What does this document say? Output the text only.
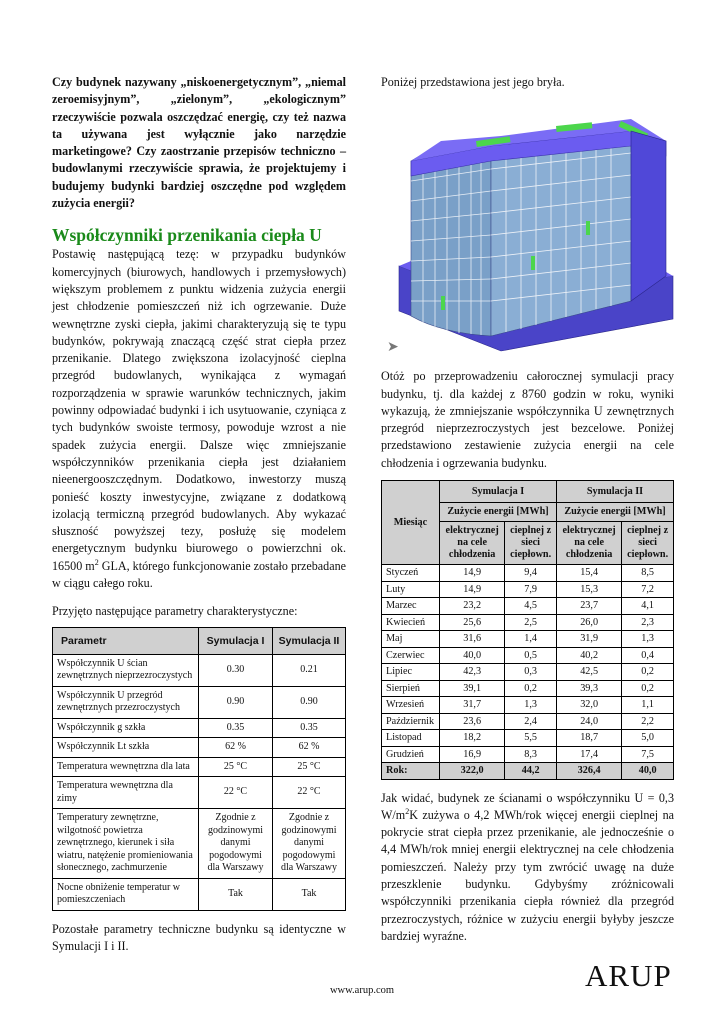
Czy budynek nazywany „niskoenergetycznym”, „niemal zeroemisyjnym”, „zielonym”, „ekologicznym” rzeczywiście pozwala oszczędzać energię, czy też nazwa ta używana jest wyłącznie jako narzędzie marketingowe? Czy zaostrzanie przepisów techniczno – budowlanymi rzeczywiście sprawia, że projektujemy i budujemy budynki bardziej oszczędne pod względem zużycia energii?

Współczynniki przenikania ciepła U

Postawię następującą tezę: w przypadku budynków komercyjnych (biurowych, handlowych i przemysłowych) większym problemem z punktu widzenia zużycia energii jest chłodzenie pomieszczeń niż ich ogrzewanie. Duże wewnętrzne zyski ciepła, jakimi charakteryzują się te typu budynków, pokrywają znaczącą część strat ciepła przez przenikanie. Dlatego zwiększona izolacyjność cieplna przegród budowlanych, wynikająca z wymagań rozporządzenia w sprawie warunków technicznych, jakim powinny odpowiadać budynki i ich usytuowanie, czyniąca z tych budynków swoiste termosy, powoduje wzrost a nie spadek zużycia energii. Dalsze więc zmniejszanie współczynników przenikania ciepła jest działaniem nieenergooszczędnym. Dodatkowo, inwestorzy muszą ponieść koszty inwestycyjne, związane z dodatkową izolacją termiczną przegród budowlanych. Aby wykazać słuszność powyższej tezy, posłużę się modelem energetycznym budynku biurowego o powierzchni ok. 16500 $m^2$ GLA, którego funkcjonowanie zostało przebadane w ciągu całego roku.

Przyjęto następujące parametry charakterystyczne:

Parametr	Symulacja I	Symulacja II
Współczynnik U ścian zewnętrznych nieprzezroczystych	0.30	0.21
Współczynnik U przegród zewnętrznych przezroczystych	0.90	0.90
Współczynnik g szkła	0.35	0.35
Współczynnik Lt szkła	62 %	62 %
Temperatura wewnętrzna dla lata	25 °C	25 °C
Temperatura wewnętrzna dla zimy	22 °C	22 °C
Temperatury zewnętrzne, wilgotność powietrza zewnętrznego, kierunek i siła wiatru, natężenie promieniowania słonecznego, zachmurzenie	Zgodnie z godzinowymi danymi pogodowymi dla Warszawy	Zgodnie z godzinowymi danymi pogodowymi dla Warszawy
Nocne obniżenie temperatur w pomieszczeniach	Tak	Tak

Pozostałe parametry techniczne budynku są identyczne w Symulacji I i II.

Poniżej przedstawiona jest jego bryła.

➤

Otóż po przeprowadzeniu całorocznej symulacji pracy budynku, tj. dla każdej z 8760 godzin w roku, wyniki wykazują, że zmniejszanie współczynnika U zewnętrznych przegród nieprzezroczystych jest bezcelowe. Poniżej przedstawiono zestawienie zużycia energii na cele chłodzenia i ogrzewania budynku.

Miesiąc	Symulacja I		Symulacja II	
	Zużycie energii [MWh]		Zużycie energii [MWh]	
	elektrycznej na cele chłodzenia	cieplnej z sieci ciepłown.	elektrycznej na cele chłodzenia	cieplnej z sieci ciepłown.
Styczeń	14,9	9,4	15,4	8,5
Luty	14,9	7,9	15,3	7,2
Marzec	23,2	4,5	23,7	4,1
Kwiecień	25,6	2,5	26,0	2,3
Maj	31,6	1,4	31,9	1,3
Czerwiec	40,0	0,5	40,2	0,4
Lipiec	42,3	0,3	42,5	0,2
Sierpień	39,1	0,2	39,3	0,2
Wrzesień	31,7	1,3	32,0	1,1
Październik	23,6	2,4	24,0	2,2
Listopad	18,2	5,5	18,7	5,0
Grudzień	16,9	8,3	17,4	7,5
Rok:	322,0	44,2	326,4	40,0

Jak widać, budynek ze ścianami o współczynniku U = 0,3 $W/m^2K$ zużywa o 4,2 MWh/rok więcej energii cieplnej na pokrycie strat ciepła przez przenikanie, ale jednocześnie o 4,4 MWh/rok mniej energii elektrycznej na cele chłodzenia pomieszczeń. Należy przy tym zwrócić uwagę na duże przeszklenie budynku. Gdybyśmy zróżnicowali współczynniki przenikania ciepła również dla przegród przezroczystych, różnice w zużyciu energii byłyby jeszcze bardziej wyraźne.

www.arup.com	ARUP
